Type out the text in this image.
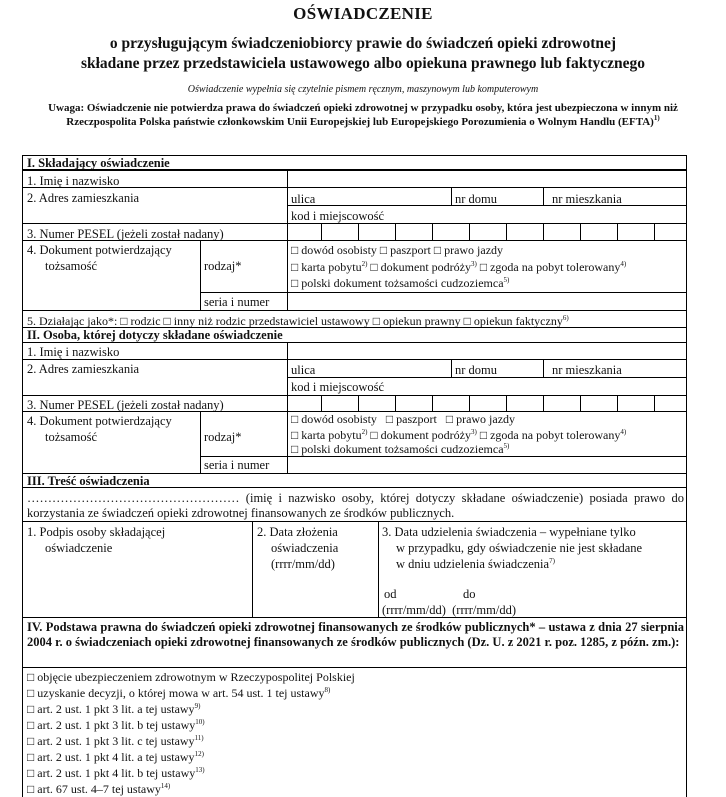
OŚWIADCZENIE
o przysługującym świadczeniobiorcy prawie do świadczeń opieki zdrowotnej
składane przez przedstawiciela ustawowego albo opiekuna prawnego lub faktycznego
Oświadczenie wypełnia się czytelnie pismem ręcznym, maszynowym lub komputerowym
Uwaga: Oświadczenie nie potwierdza prawa do świadczeń opieki zdrowotnej w przypadku osoby, która jest ubezpieczona w innym niż Rzeczpospolita Polska państwie członkowskim Unii Europejskiej lub Europejskiego Porozumienia o Wolnym Handlu (EFTA)$^{1)}$
I. Składający oświadczenie
1. Imię i nazwisko
2. Adres zamieszkania	ulica	nr domu	nr mieszkania
kod i miejscowość
3. Numer PESEL (jeżeli został nadany)
4. Dokument potwierdzający
tożsamość	rodzaj*
□ dowód osobisty □ paszport □ prawo jazdy
□ karta pobytu$^{2)}$ □ dokument podróży$^{3)}$ □ zgoda na pobyt tolerowany$^{4)}$
□ polski dokument tożsamości cudzoziemca$^{5)}$
seria i numer
5. Działając jako*: □ rodzic □ inny niż rodzic przedstawiciel ustawowy □ opiekun prawny □ opiekun faktyczny$^{6)}$
II. Osoba, której dotyczy składane oświadczenie
1. Imię i nazwisko
2. Adres zamieszkania	ulica	nr domu	nr mieszkania
kod i miejscowość
3. Numer PESEL (jeżeli został nadany)
4. Dokument potwierdzający
tożsamość	rodzaj*
□ dowód osobisty   □ paszport   □ prawo jazdy
□ karta pobytu$^{2)}$ □ dokument podróży$^{3)}$ □ zgoda na pobyt tolerowany$^{4)}$
□ polski dokument tożsamości cudzoziemca$^{5)}$
seria i numer
III. Treść oświadczenia
…………………………………………… (imię i nazwisko osoby, której dotyczy składane oświadczenie) posiada prawo do korzystania ze świadczeń opieki zdrowotnej finansowanych ze środków publicznych.
1. Podpis osoby składającej
oświadczenie
2. Data złożenia
oświadczenia
(rrrr/mm/dd)
3. Data udzielenia świadczenia – wypełniane tylko
w przypadku, gdy oświadczenie nie jest składane
w dniu udzielenia świadczenia$^{7)}$
od	do
(rrrr/mm/dd)  (rrrr/mm/dd)
IV. Podstawa prawna do świadczeń opieki zdrowotnej finansowanych ze środków publicznych* – ustawa z dnia 27 sierpnia 2004 r. o świadczeniach opieki zdrowotnej finansowanych ze środków publicznych (Dz. U. z 2021 r. poz. 1285, z późn. zm.):
□ objęcie ubezpieczeniem zdrowotnym w Rzeczypospolitej Polskiej
□ uzyskanie decyzji, o której mowa w art. 54 ust. 1 tej ustawy$^{8)}$
□ art. 2 ust. 1 pkt 3 lit. a tej ustawy$^{9)}$
□ art. 2 ust. 1 pkt 3 lit. b tej ustawy$^{10)}$
□ art. 2 ust. 1 pkt 3 lit. c tej ustawy$^{11)}$
□ art. 2 ust. 1 pkt 4 lit. a tej ustawy$^{12)}$
□ art. 2 ust. 1 pkt 4 lit. b tej ustawy$^{13)}$
□ art. 67 ust. 4–7 tej ustawy$^{14)}$
